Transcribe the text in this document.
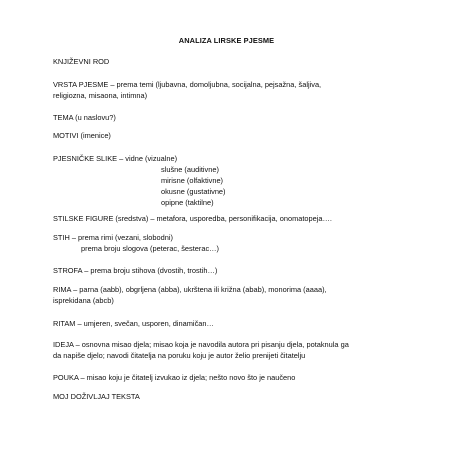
ANALIZA LIRSKE PJESME

KNJIŽEVNI ROD

VRSTA PJESME – prema temi (ljubavna, domoljubna, socijalna, pejsažna, šaljiva,
religiozna, misaona, intimna)

TEMA (u naslovu?)

MOTIVI (imenice)

PJESNIČKE SLIKE – vidne (vizualne)
slušne (auditivne)
mirisne (olfaktivne)
okusne (gustativne)
opipne (taktilne)

STILSKE FIGURE (sredstva) – metafora, usporedba, personifikacija, onomatopeja….

STIH – prema rimi (vezani, slobodni)
prema broju slogova (peterac, šesterac…)

STROFA – prema broju stihova (dvostih, trostih…)

RIMA – parna (aabb), obgrljena (abba), ukrštena ili križna (abab), monorima (aaaa),
isprekidana (abcb)

RITAM – umjeren, svečan, usporen, dinamičan…

IDEJA – osnovna misao djela; misao koja je navodila autora pri pisanju djela, potaknula ga
da napiše djelo; navodi čitatelja na poruku koju je autor želio prenijeti čitatelju

POUKA – misao koju je čitatelj izvukao iz djela; nešto novo što je naučeno

MOJ DOŽIVLJAJ TEKSTA
